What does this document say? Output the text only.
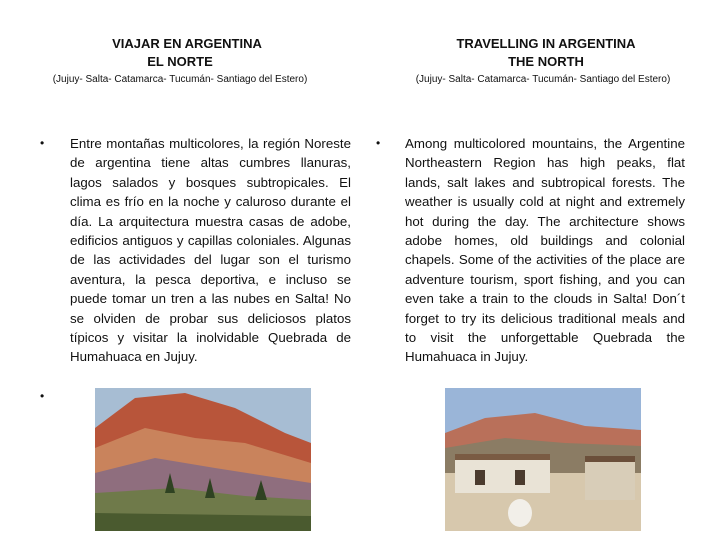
VIAJAR EN ARGENTINA
EL NORTE
(Jujuy- Salta- Catamarca- Tucumán- Santiago del Estero)
TRAVELLING IN ARGENTINA
THE NORTH
(Jujuy- Salta- Catamarca- Tucumán- Santiago del Estero)
• Entre montañas multicolores, la región Noreste de argentina tiene altas cumbres llanuras, lagos salados y bosques subtropicales. El clima es frío en la noche y caluroso durante el día. La arquitectura muestra casas de adobe, edificios antiguos y capillas coloniales. Algunas de las actividades del lugar son el turismo aventura, la pesca deportiva, e incluso se puede tomar un tren a las nubes en Salta! No se olviden de probar sus deliciosos platos típicos y visitar la inolvidable Quebrada de Humahuaca en Jujuy.
•
• Among multicolored mountains, the Argentine Northeastern Region has high peaks, flat lands, salt lakes and subtropical forests. The weather is usually cold at night and extremely hot during the day. The architecture shows adobe homes, old buildings and colonial chapels. Some of the activities of the place are adventure tourism, sport fishing, and you can even take a train to the clouds in Salta! Don´t forget to try its delicious traditional meals and to visit the unforgettable Quebrada the Humahuaca in Jujuy.
